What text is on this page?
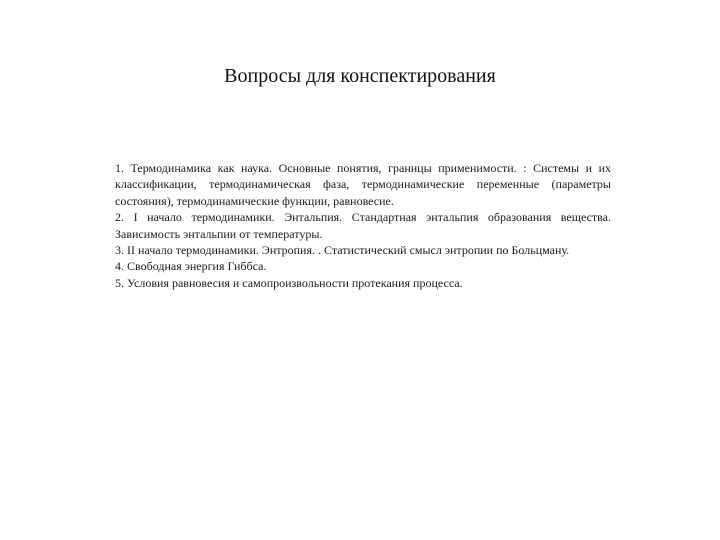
Вопросы для конспектирования
1. Термодинамика как наука. Основные понятия, границы применимости. : Системы и их классификации, термодинамическая фаза, термодинамические переменные (параметры состояния), термодинамические функции, равновесие.
2. I начало термодинамики. Энтальпия. Стандартная энтальпия образования вещества. Зависимость энтальпии от температуры.
3. II начало термодинамики. Энтропия. . Статистический смысл энтропии по Больцману.
4. Свободная энергия Гиббса.
5. Условия равновесия и самопроизвольности протекания процесса.
